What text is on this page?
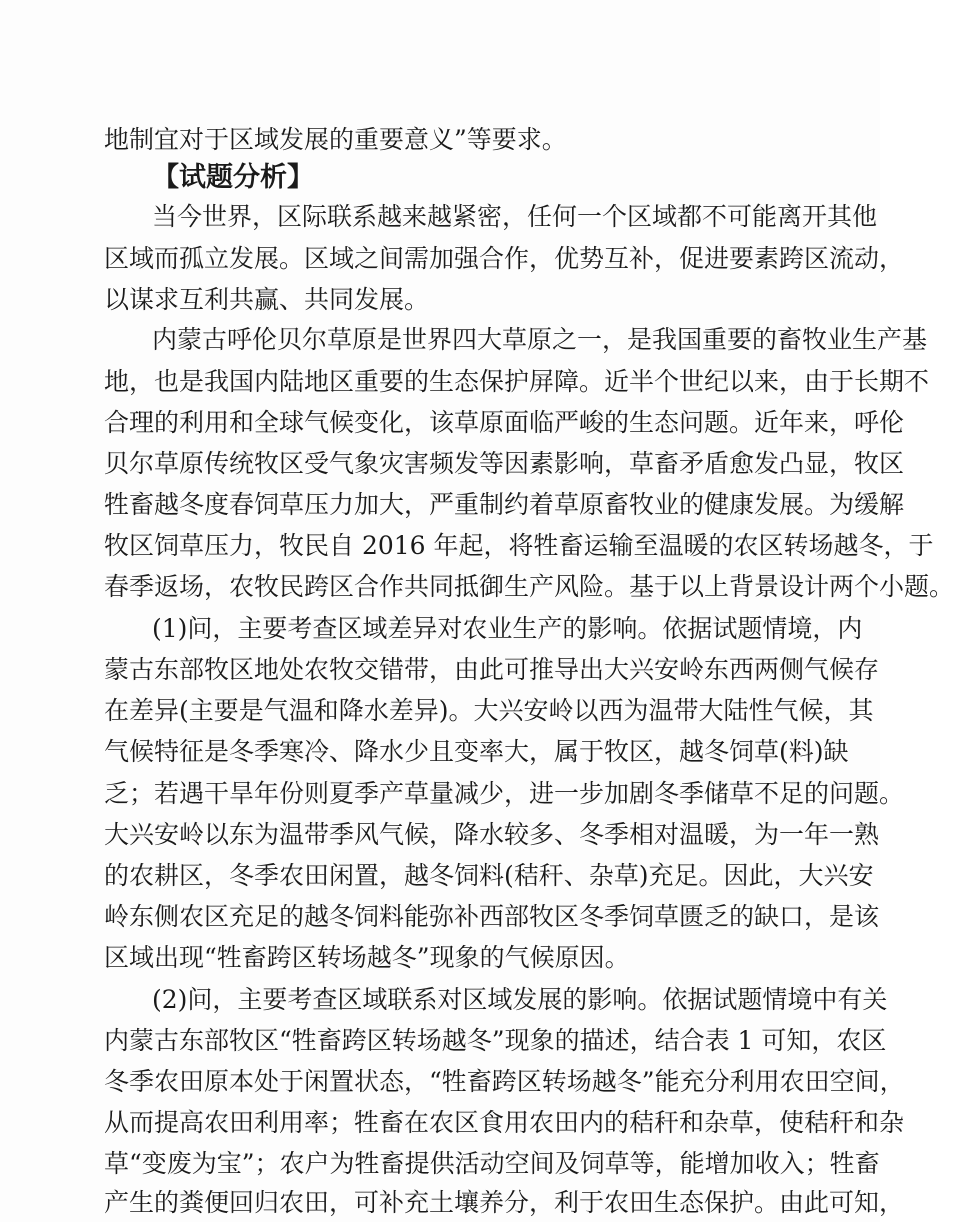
地制宜对于区域发展的重要意义”等要求。
【试题分析】
当今世界，区际联系越来越紧密，任何一个区域都不可能离开其他
区域而孤立发展。区域之间需加强合作，优势互补，促进要素跨区流动，
以谋求互利共赢、共同发展。
内蒙古呼伦贝尔草原是世界四大草原之一，是我国重要的畜牧业生产基
地，也是我国内陆地区重要的生态保护屏障。近半个世纪以来，由于长期不
合理的利用和全球气候变化，该草原面临严峻的生态问题。近年来，呼伦
贝尔草原传统牧区受气象灾害频发等因素影响，草畜矛盾愈发凸显，牧区
牲畜越冬度春饲草压力加大，严重制约着草原畜牧业的健康发展。为缓解
牧区饲草压力，牧民自 2016 年起，将牲畜运输至温暖的农区转场越冬，于
春季返场，农牧民跨区合作共同抵御生产风险。基于以上背景设计两个小题。
(1)问，主要考查区域差异对农业生产的影响。依据试题情境，内
蒙古东部牧区地处农牧交错带，由此可推导出大兴安岭东西两侧气候存
在差异(主要是气温和降水差异)。大兴安岭以西为温带大陆性气候，其
气候特征是冬季寒冷、降水少且变率大，属于牧区，越冬饲草(料)缺
乏；若遇干旱年份则夏季产草量减少，进一步加剧冬季储草不足的问题。
大兴安岭以东为温带季风气候，降水较多、冬季相对温暖，为一年一熟
的农耕区，冬季农田闲置，越冬饲料(秸秆、杂草)充足。因此，大兴安
岭东侧农区充足的越冬饲料能弥补西部牧区冬季饲草匮乏的缺口，是该
区域出现“牲畜跨区转场越冬”现象的气候原因。
(2)问，主要考查区域联系对区域发展的影响。依据试题情境中有关
内蒙古东部牧区“牲畜跨区转场越冬”现象的描述，结合表 1 可知，农区
冬季农田原本处于闲置状态，“牲畜跨区转场越冬”能充分利用农田空间，
从而提高农田利用率；牲畜在农区食用农田内的秸秆和杂草，使秸秆和杂
草“变废为宝”；农户为牲畜提供活动空间及饲草等，能增加收入；牲畜
产生的粪便回归农田，可补充土壤养分，利于农田生态保护。由此可知，
